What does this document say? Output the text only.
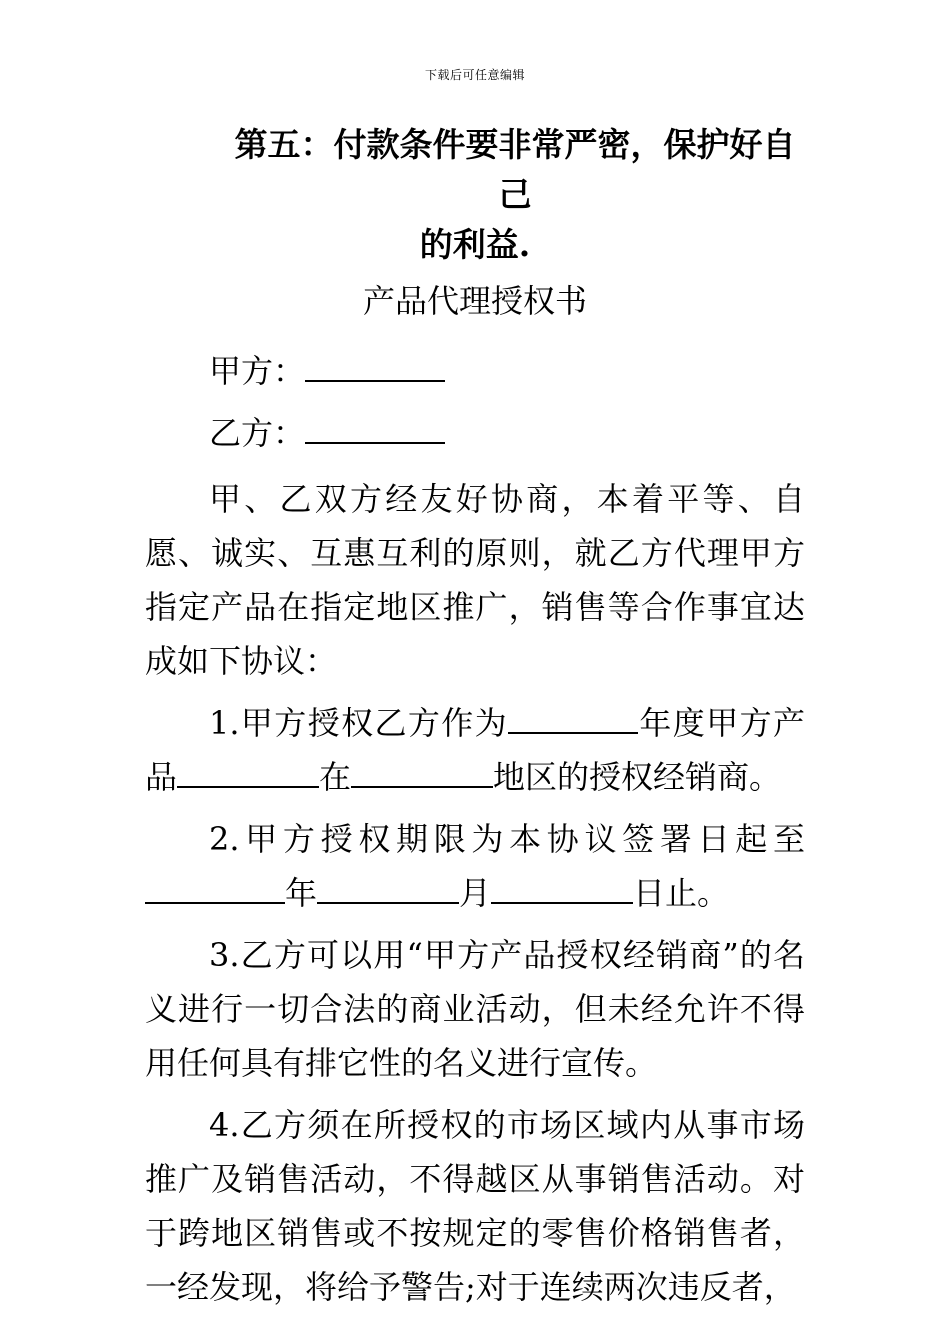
下载后可任意编辑

第五：付款条件要非常严密，保护好自己

的利益.

产品代理授权书

甲方：

乙方：

甲、乙双方经友好协商，本着平等、自愿、诚实、互惠互利的原则，就乙方代理甲方指定产品在指定地区推广，销售等合作事宜达成如下协议：

1.甲方授权乙方作为	年度甲方产品	在	地区的授权经销商。

2.甲方授权期限为本协议签署日起至年	月	日止。

3.乙方可以用“甲方产品授权经销商”的名义进行一切合法的商业活动，但未经允许不得用任何具有排它性的名义进行宣传。

4.乙方须在所授权的市场区域内从事市场推广及销售活动，不得越区从事销售活动。对于跨地区销售或不按规定的零售价格销售者，一经发现，将给予警告;对于连续两次违反者，
